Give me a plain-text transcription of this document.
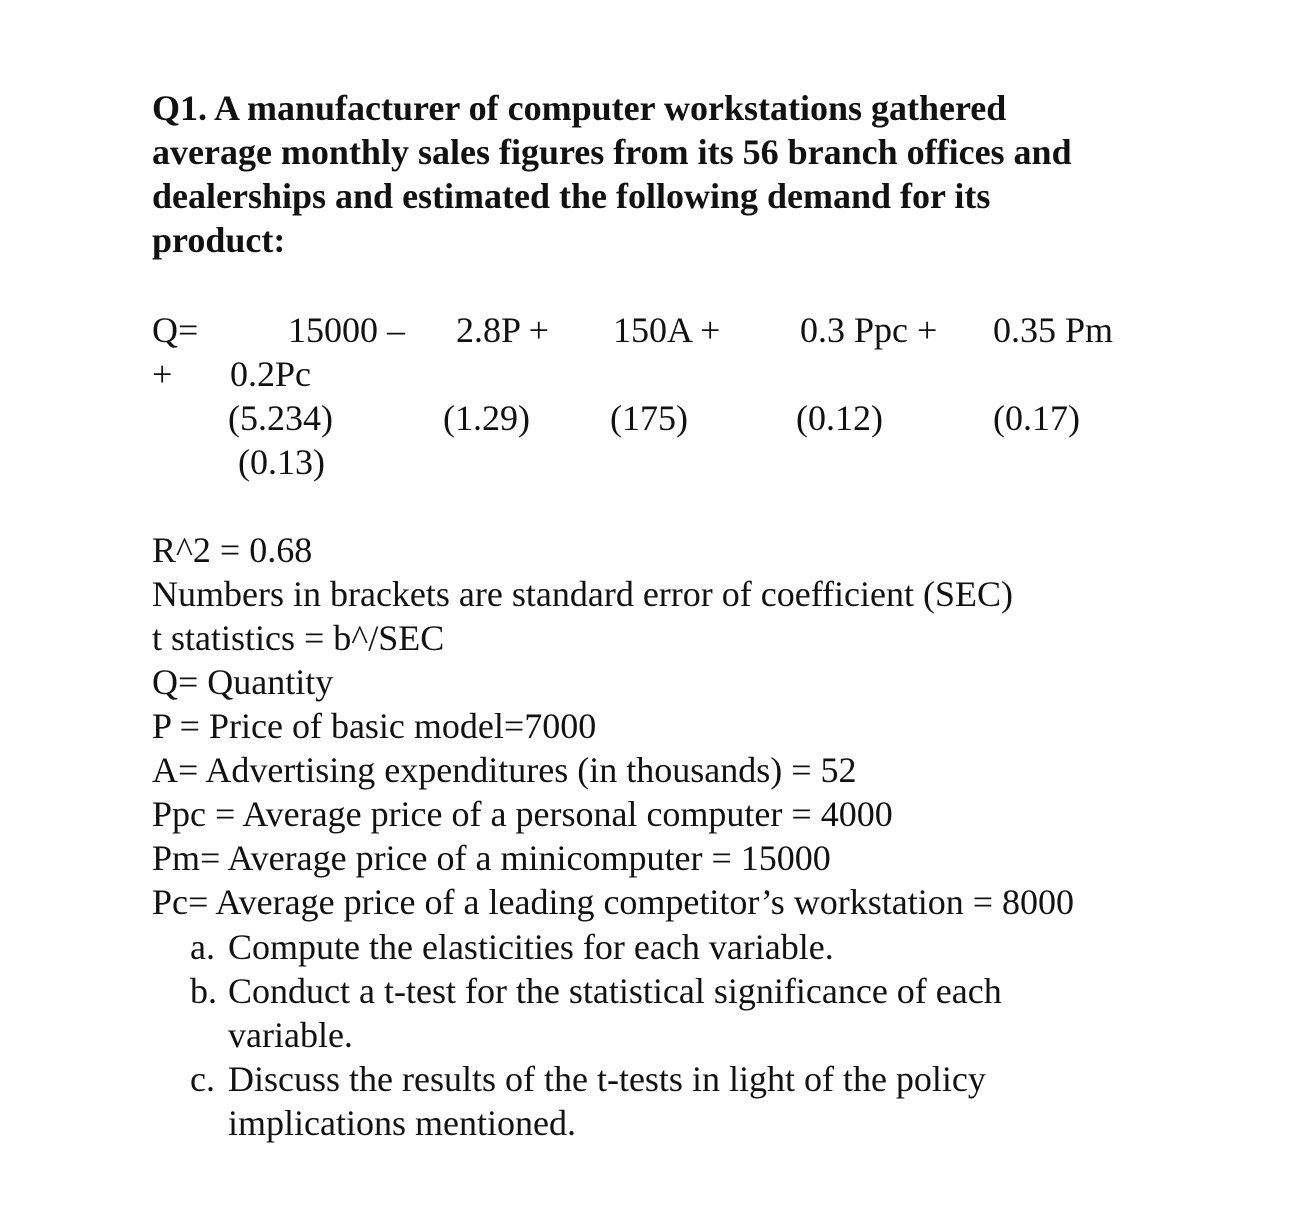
Q1. A manufacturer of computer workstations gathered
average monthly sales figures from its 56 branch offices and
dealerships and estimated the following demand for its
product:
Q= 15000 – 2.8P + 150A + 0.3 Ppc + 0.35 Pm
+ 0.2Pc
(5.234)	(1.29) (175)	(0.12)	(0.17)
(0.13)
R^2 = 0.68
Numbers in brackets are standard error of coefficient (SEC)
t statistics = b^/SEC
Q= Quantity
P = Price of basic model=7000
A= Advertising expenditures (in thousands) = 52
Ppc = Average price of a personal computer = 4000
Pm= Average price of a minicomputer = 15000
Pc= Average price of a leading competitor’s workstation = 8000
a. Compute the elasticities for each variable.
b. Conduct a t-test for the statistical significance of each
variable.
c. Discuss the results of the t-tests in light of the policy
implications mentioned.
